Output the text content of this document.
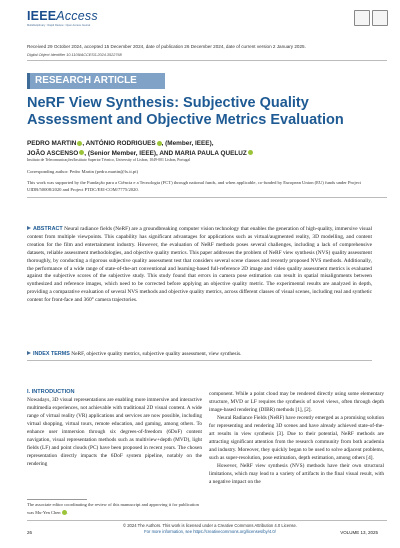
IEEEAccess
Multidisciplinary : Rapid Review : Open Access Journal
Received 29 October 2024, accepted 15 December 2024, date of publication 26 December 2024, date of current version 2 January 2025.
Digital Object Identifier 10.1109/ACCESS.2024.3522768
RESEARCH ARTICLE
NeRF View Synthesis: Subjective Quality Assessment and Objective Metrics Evaluation
PEDRO MARTIN , ANTÓNIO RODRIGUES , (Member, IEEE),
JOÃO ASCENSO , (Senior Member, IEEE), AND MARIA PAULA QUELUZ
Instituto de Telecomunicações/Instituto Superior Técnico, University of Lisbon, 1049-001 Lisbon, Portugal
Corresponding author: Pedro Martin (pedro.martin@lx.it.pt)
This work was supported by the Fundação para a Ciência e a Tecnologia (FCT) through national funds, and when applicable, co-funded by European Union (EU) funds under Project UIDB/50008/2020 and Project PTDC/EEI-COM/7775/2020.
ABSTRACT Neural radiance fields (NeRF) are a groundbreaking computer vision technology that enables the generation of high-quality, immersive visual content from multiple viewpoints. This capability has significant advantages for applications such as virtual/augmented reality, 3D modelling, and content creation for the film and entertainment industry. However, the evaluation of NeRF methods poses several challenges, including a lack of comprehensive datasets, reliable assessment methodologies, and objective quality metrics. This paper addresses the problem of NeRF view synthesis (NVS) quality assessment thoroughly, by conducting a rigorous subjective quality assessment test that considers several scene classes and recently proposed NVS methods. Additionally, the performance of a wide range of state-of-the-art conventional and learning-based full-reference 2D image and video quality assessment metrics is evaluated against the subjective scores of the subjective study. This study found that errors in camera pose estimation can result in spatial misalignments between synthesized and reference images, which need to be corrected before applying an objective quality metric. The experimental results are analyzed in depth, providing a comparative evaluation of several NVS methods and objective quality metrics, across different classes of visual scenes, including real and synthetic content for front-face and 360° camera trajectories.
INDEX TERMS NeRF, objective quality metrics, subjective quality assessment, view synthesis.
I. INTRODUCTION
Nowadays, 3D visual representations are enabling more immersive and interactive multimedia experiences, not achievable with traditional 2D visual content. A wide range of virtual reality (VR) applications and services are now possible, including virtual shopping, virtual tours, remote education, and gaming, among others. To enhance user immersion through six degrees-of-freedom (6DoF) content navigation, visual representation methods such as multiview+depth (MVD), light fields (LF) and point clouds (PC) have been proposed in recent years. The chosen representation directly impacts the 6DoF system pipeline, notably on the rendering
component. While a point cloud may be rendered directly using some elementary structure, MVD or LF requires the synthesis of novel views, often through depth image-based rendering (DIBR) methods [1], [2].
Neural Radiance Fields (NeRF) have recently emerged as a promising solution for representing and rendering 3D scenes and have already achieved state-of-the-art results in view synthesis [3]. Due to their potential, NeRF methods are attracting significant attention from the research community from both academia and industry. Moreover, they quickly began to be used to solve adjacent problems, such as super-resolution, pose estimation, depth estimation, among others [4].
However, NeRF view synthesis (NVS) methods have their own structural limitations, which may lead to a variety of artifacts in the final visual result, with a negative impact on the
The associate editor coordinating the review of this manuscript and approving it for publication was Mu-Yen Chen .
26
© 2024 The Authors. This work is licensed under a Creative Commons Attribution 4.0 License.
For more information, see https://creativecommons.org/licenses/by/4.0/	VOLUME 13, 2025
